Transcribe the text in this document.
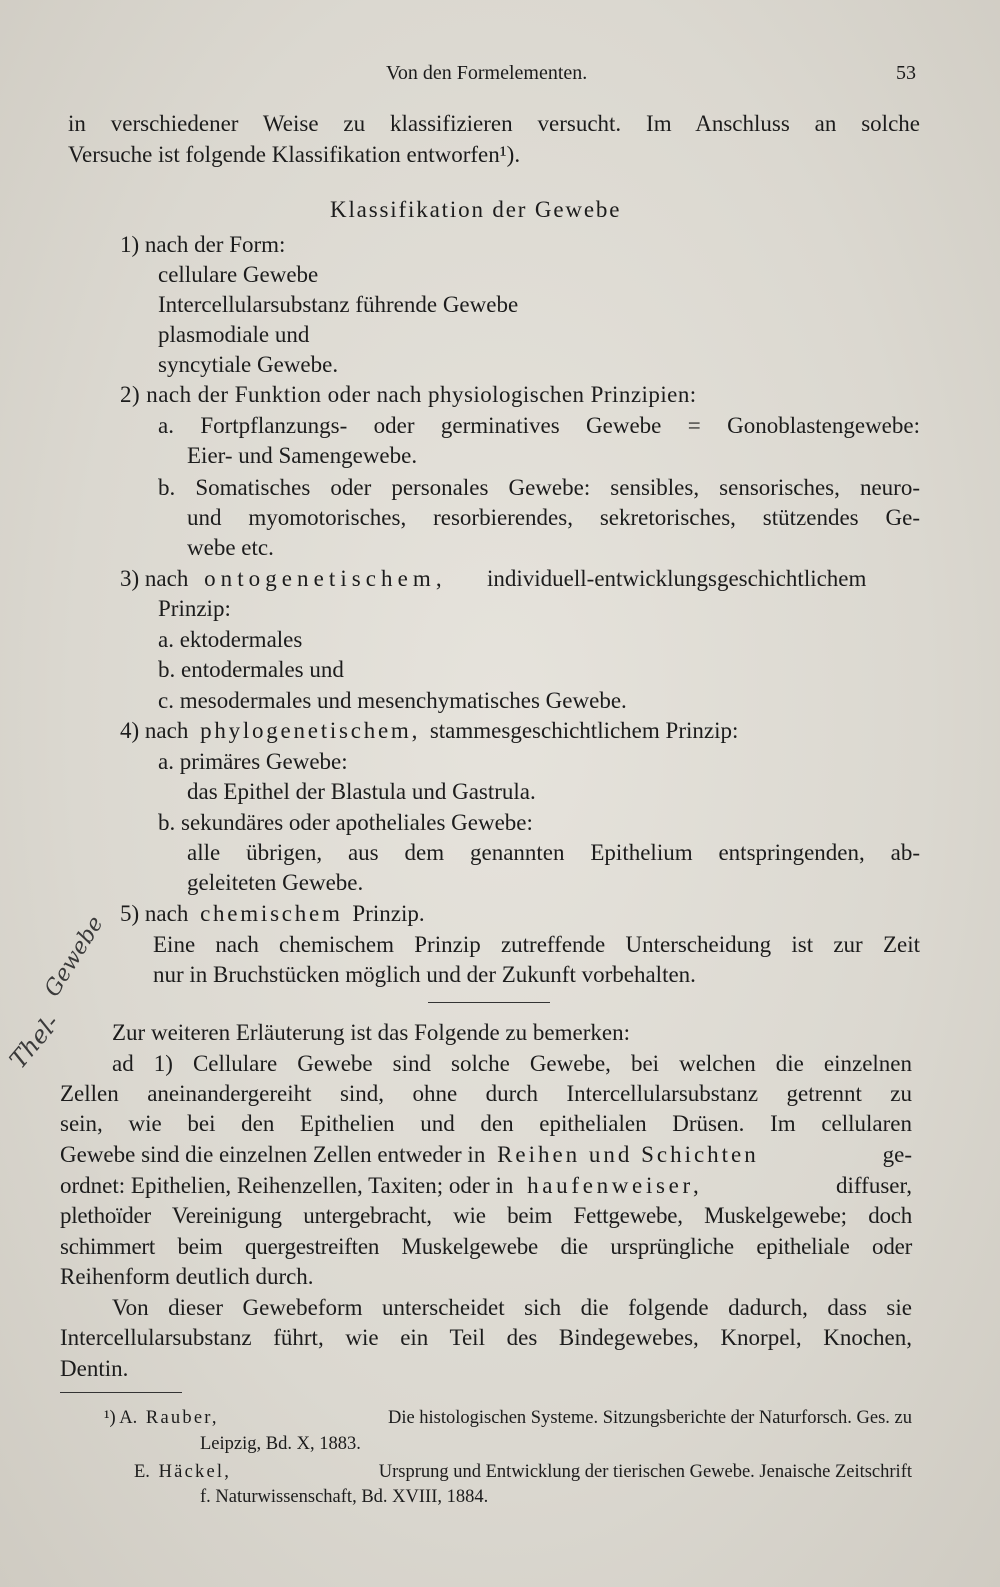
Von den Formelementen.	53
in verschiedener Weise zu klassifizieren versucht. Im Anschluss an solche
Versuche ist folgende Klassifikation entworfen¹).
Klassifikation der Gewebe
1) nach der Form:
cellulare Gewebe
Intercellularsubstanz führende Gewebe
plasmodiale und
syncytiale Gewebe.
2) nach der Funktion oder nach physiologischen Prinzipien:
a. Fortpflanzungs- oder germinatives Gewebe = Gonoblastengewebe:
Eier- und Samengewebe.
b. Somatisches oder personales Gewebe: sensibles, sensorisches, neuro-
und myomotorisches, resorbierendes, sekretorisches, stützendes Ge-
webe etc.
3) nach ontogenetischem, individuell-entwicklungsgeschichtlichem
Prinzip:
a. ektodermales
b. entodermales und
c. mesodermales und mesenchymatisches Gewebe.
4) nach phylogenetischem, stammesgeschichtlichem Prinzip:
a. primäres Gewebe:
das Epithel der Blastula und Gastrula.
b. sekundäres oder apotheliales Gewebe:
alle übrigen, aus dem genannten Epithelium entspringenden, ab-
geleiteten Gewebe.
5) nach chemischem Prinzip.
Eine nach chemischem Prinzip zutreffende Unterscheidung ist zur Zeit
nur in Bruchstücken möglich und der Zukunft vorbehalten.
Gewebe
Thel- Zur weiteren Erläuterung ist das Folgende zu bemerken:
ad 1) Cellulare Gewebe sind solche Gewebe, bei welchen die einzelnen
Zellen aneinandergereiht sind, ohne durch Intercellularsubstanz getrennt zu
sein, wie bei den Epithelien und den epithelialen Drüsen. Im cellularen
Gewebe sind die einzelnen Zellen entweder in Reihen und Schichten	ge-
ordnet: Epithelien, Reihenzellen, Taxiten; oder in haufenweiser,	diffuser,
plethoïder Vereinigung untergebracht, wie beim Fettgewebe, Muskelgewebe; doch
schimmert beim quergestreiften Muskelgewebe die ursprüngliche epitheliale oder
Reihenform deutlich durch.
Von dieser Gewebeform unterscheidet sich die folgende dadurch, dass sie
Intercellularsubstanz führt, wie ein Teil des Bindegewebes, Knorpel, Knochen,
Dentin.
¹) A. Rauber,	Die histologischen Systeme. Sitzungsberichte der Naturforsch. Ges. zu
Leipzig, Bd. X, 1883.
E. Häckel,	Ursprung und Entwicklung der tierischen Gewebe. Jenaische Zeitschrift
f. Naturwissenschaft, Bd. XVIII, 1884.
